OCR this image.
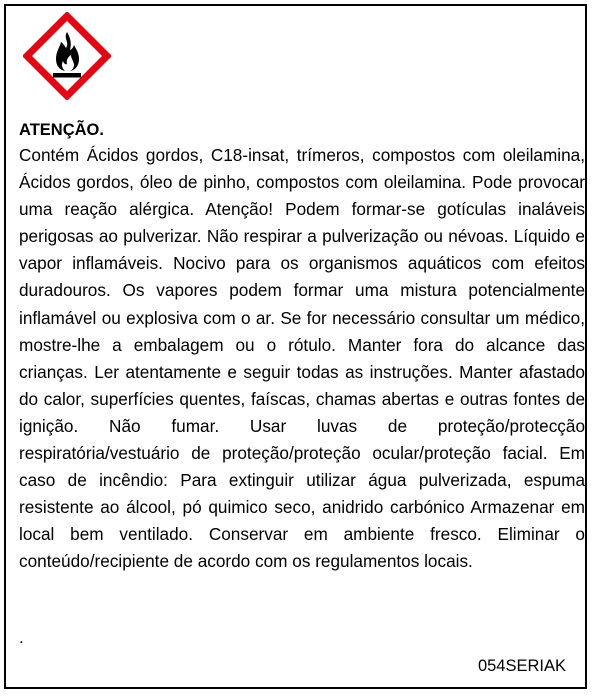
ATENÇÃO.

Contém Ácidos gordos, C18-insat, trímeros, compostos com oleilamina, Ácidos gordos, óleo de pinho, compostos com oleilamina. Pode provocar uma reação alérgica. Atenção! Podem formar-se gotículas inaláveis perigosas ao pulverizar. Não respirar a pulverização ou névoas. Líquido e vapor inflamáveis. Nocivo para os organismos aquáticos com efeitos duradouros. Os vapores podem formar uma mistura potencialmente inflamável ou explosiva com o ar. Se for necessário consultar um médico, mostre-lhe a embalagem ou o rótulo. Manter fora do alcance das crianças. Ler atentamente e seguir todas as instruções. Manter afastado do calor, superfícies quentes, faíscas, chamas abertas e outras fontes de ignição. Não fumar. Usar luvas de proteção/protecção respiratória/vestuário de proteção/proteção ocular/proteção facial. Em caso de incêndio: Para extinguir utilizar água pulverizada, espuma resistente ao álcool, pó quimico seco, anidrido carbónico Armazenar em local bem ventilado. Conservar em ambiente fresco. Eliminar o conteúdo/recipiente de acordo com os regulamentos locais.

.
054SERIAK
